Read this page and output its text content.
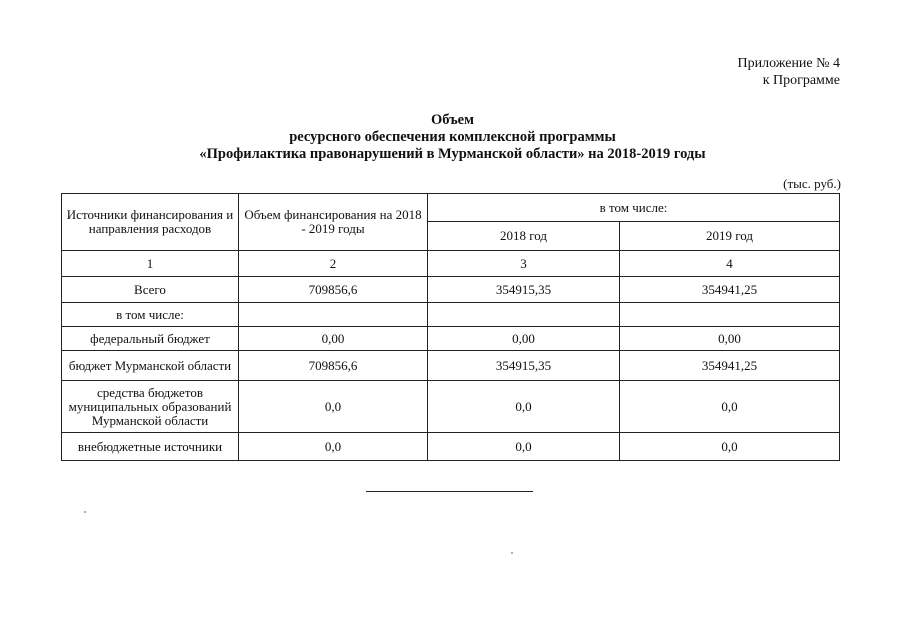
Приложение № 4
к Программе
Объем
ресурсного обеспечения комплексной программы
«Профилактика правонарушений в Мурманской области» на 2018-2019 годы
(тыс. руб.)
Источники финансирования и направления расходов	Объем финансирования на 2018 - 2019 годы	в том числе:	
		2018 год	2019 год
1	2	3	4
Всего	709856,6	354915,35	354941,25
в том числе:			
федеральный бюджет	0,00	0,00	0,00
бюджет Мурманской области	709856,6	354915,35	354941,25
средства бюджетов муниципальных образований Мурманской области	0,0	0,0	0,0
внебюджетные источники	0,0	0,0	0,0
